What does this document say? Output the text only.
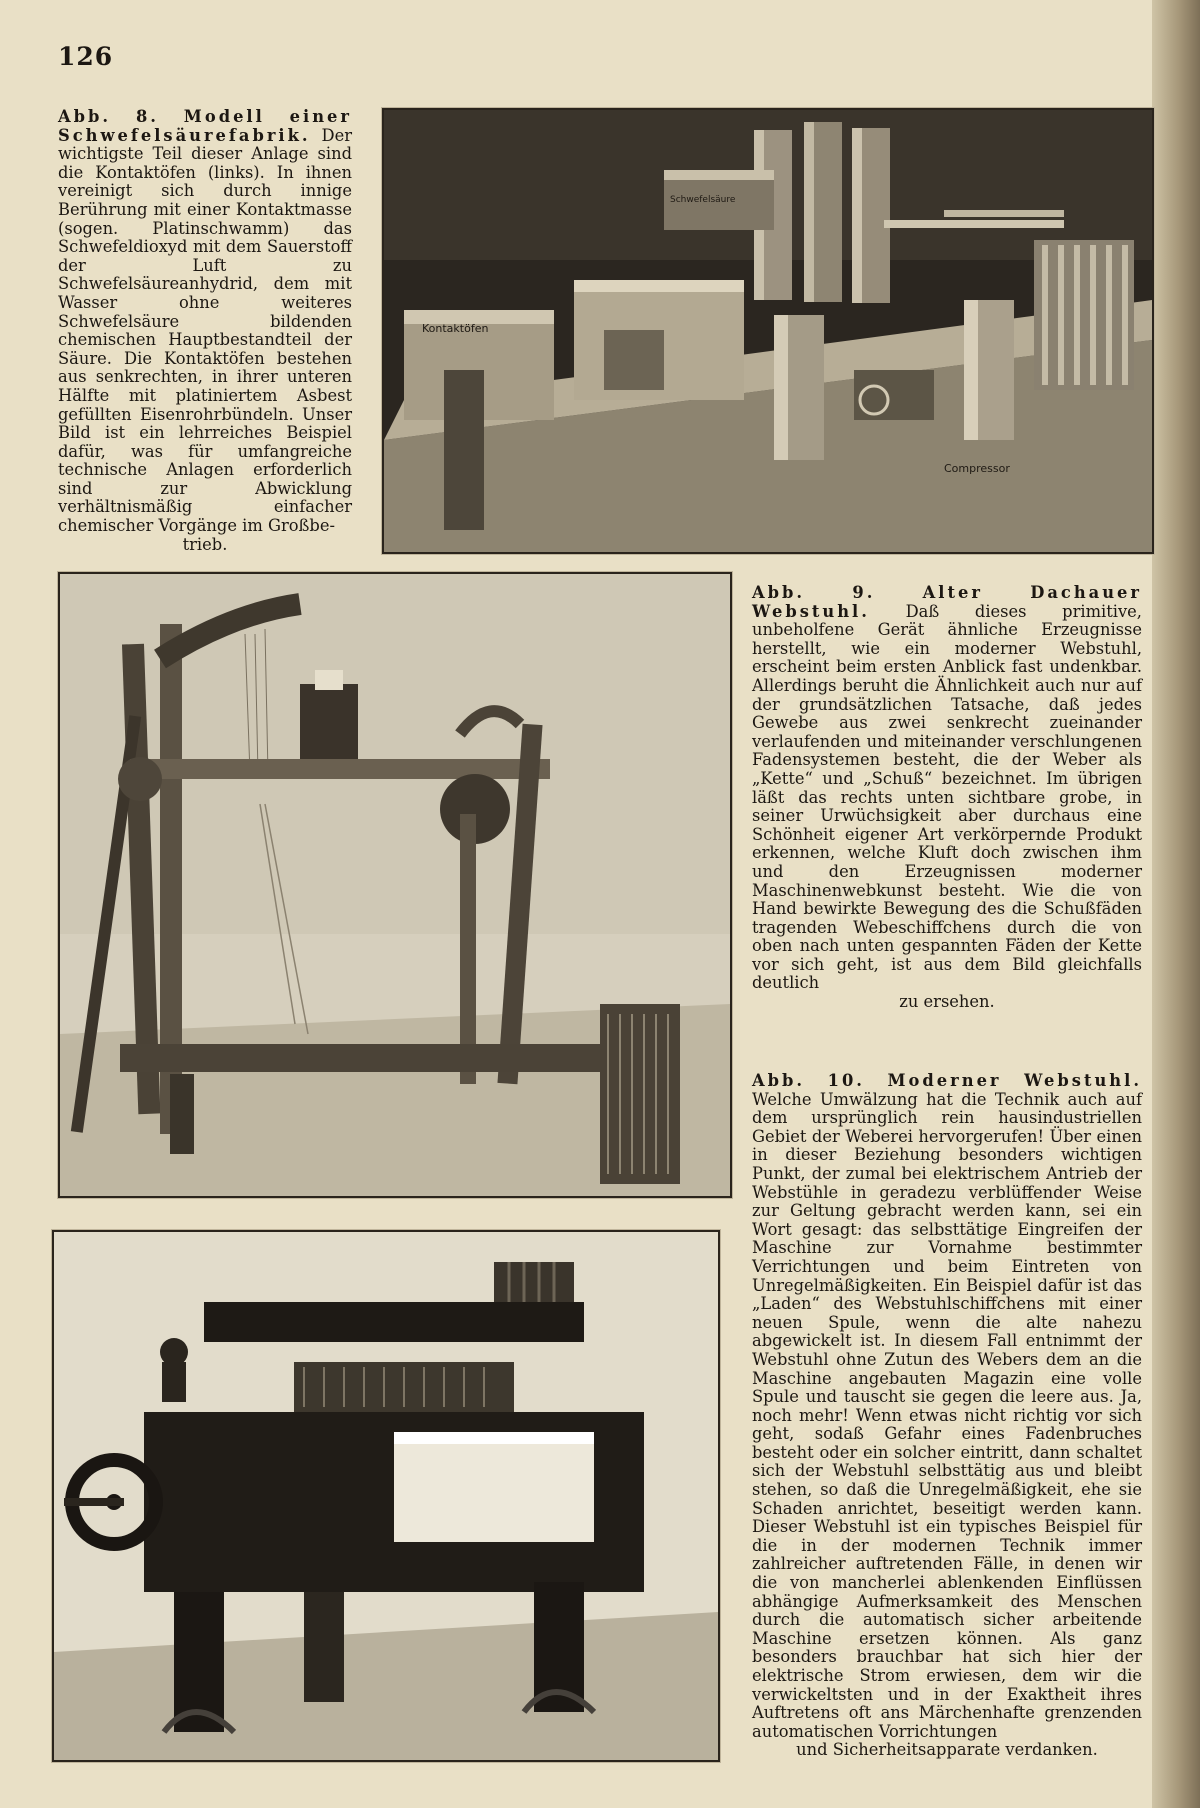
126

Abb. 8. Modell einer Schwefelsäurefabrik. Der wichtigste Teil dieser Anlage sind die Kontaktöfen (links). In ihnen vereinigt sich durch innige Berührung mit einer Kontaktmasse (sogen. Platinschwamm) das Schwefeldioxyd mit dem Sauerstoff der Luft zu Schwefelsäureanhydrid, dem mit Wasser ohne weiteres Schwefelsäure bildenden chemischen Hauptbestandteil der Säure. Die Kontaktöfen bestehen aus senkrechten, in ihrer unteren Hälfte mit platiniertem Asbest gefüllten Eisenrohrbündeln. Unser Bild ist ein lehrreiches Beispiel dafür, was für umfangreiche technische Anlagen erforderlich sind zur Abwicklung verhältnismäßig einfacher chemischer Vorgänge im Großbe-

trieb.

Kontaktöfen
Schwefelsäure
Compressor

Abb. 9. Alter Dachauer Webstuhl. Daß dieses primitive, unbeholfene Gerät ähnliche Erzeugnisse herstellt, wie ein moderner Webstuhl, erscheint beim ersten Anblick fast undenkbar. Allerdings beruht die Ähnlichkeit auch nur auf der grundsätzlichen Tatsache, daß jedes Gewebe aus zwei senkrecht zueinander verlaufenden und miteinander verschlungenen Fadensystemen besteht, die der Weber als „Kette“ und „Schuß“ bezeichnet. Im übrigen läßt das rechts unten sichtbare grobe, in seiner Urwüchsigkeit aber durchaus eine Schönheit eigener Art verkörpernde Produkt erkennen, welche Kluft doch zwischen ihm und den Erzeugnissen moderner Maschinenwebkunst besteht. Wie die von Hand bewirkte Bewegung des die Schußfäden tragenden Webeschiffchens durch die von oben nach unten gespannten Fäden der Kette vor sich geht, ist aus dem Bild gleichfalls deutlich

zu ersehen.

Abb. 10. Moderner Webstuhl. Welche Umwälzung hat die Technik auch auf dem ursprünglich rein hausindustriellen Gebiet der Weberei hervorgerufen! Über einen in dieser Beziehung besonders wichtigen Punkt, der zumal bei elektrischem Antrieb der Webstühle in geradezu verblüffender Weise zur Geltung gebracht werden kann, sei ein Wort gesagt: das selbsttätige Eingreifen der Maschine zur Vornahme bestimmter Verrichtungen und beim Eintreten von Unregelmäßigkeiten. Ein Beispiel dafür ist das „Laden“ des Webstuhlschiffchens mit einer neuen Spule, wenn die alte nahezu abgewickelt ist. In diesem Fall entnimmt der Webstuhl ohne Zutun des Webers dem an die Maschine angebauten Magazin eine volle Spule und tauscht sie gegen die leere aus. Ja, noch mehr! Wenn etwas nicht richtig vor sich geht, sodaß Gefahr eines Fadenbruches besteht oder ein solcher eintritt, dann schaltet sich der Webstuhl selbsttätig aus und bleibt stehen, so daß die Unregelmäßigkeit, ehe sie Schaden anrichtet, beseitigt werden kann. Dieser Webstuhl ist ein typisches Beispiel für die in der modernen Technik immer zahlreicher auftretenden Fälle, in denen wir die von mancherlei ablenkenden Einflüssen abhängige Aufmerksamkeit des Menschen durch die automatisch sicher arbeitende Maschine ersetzen können. Als ganz besonders brauchbar hat sich hier der elektrische Strom erwiesen, dem wir die verwickeltsten und in der Exaktheit ihres Auftretens oft ans Märchenhafte grenzenden automatischen Vorrichtungen

und Sicherheitsapparate verdanken.
